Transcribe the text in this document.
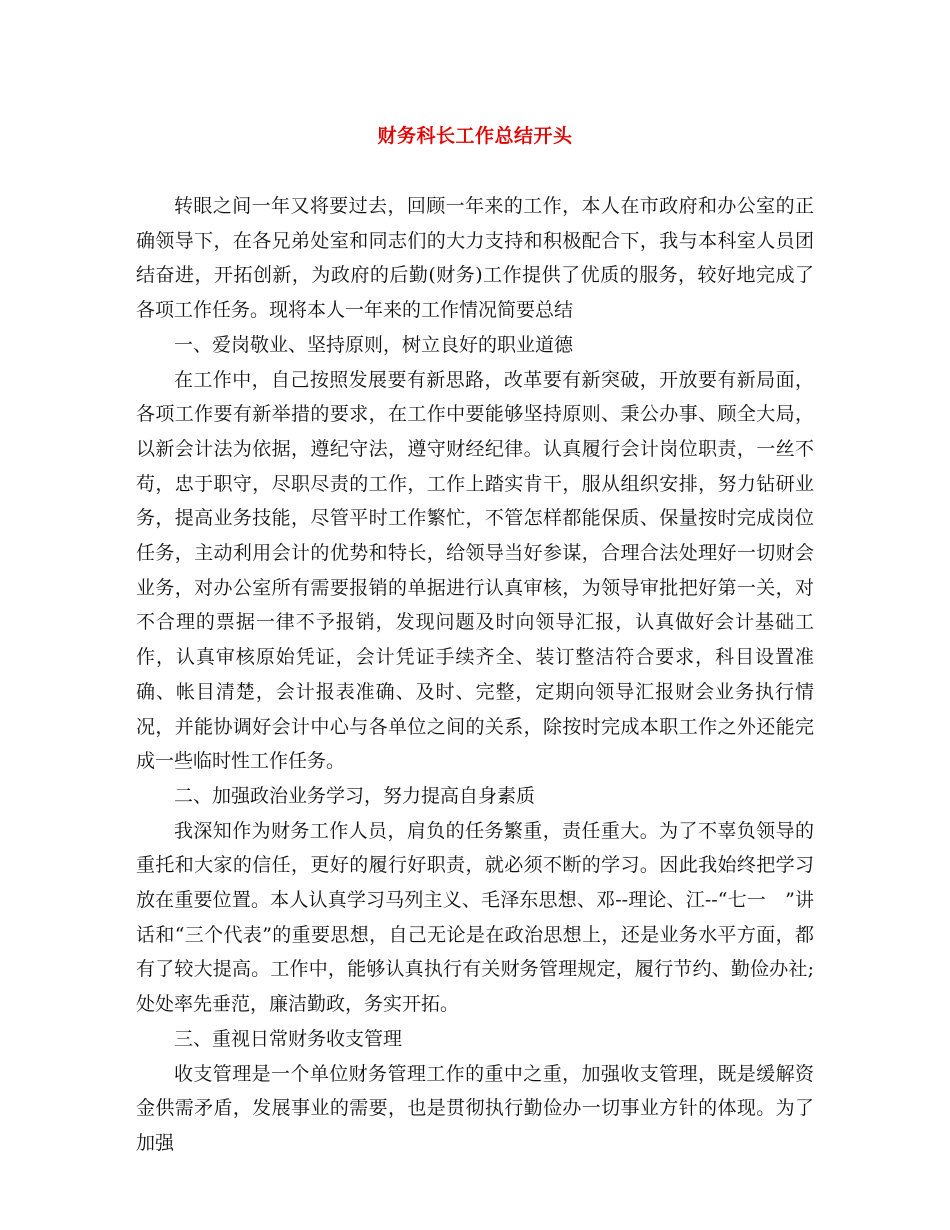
财务科长工作总结开头

转眼之间一年又将要过去，回顾一年来的工作，本人在市政府和办公室的正确领导下，在各兄弟处室和同志们的大力支持和积极配合下，我与本科室人员团结奋进，开拓创新，为政府的后勤(财务)工作提供了优质的服务，较好地完成了各项工作任务。现将本人一年来的工作情况简要总结

一、爱岗敬业、坚持原则，树立良好的职业道德

在工作中，自己按照发展要有新思路，改革要有新突破，开放要有新局面，各项工作要有新举措的要求，在工作中要能够坚持原则、秉公办事、顾全大局，以新会计法为依据，遵纪守法，遵守财经纪律。认真履行会计岗位职责，一丝不苟，忠于职守，尽职尽责的工作，工作上踏实肯干，服从组织安排，努力钻研业务，提高业务技能，尽管平时工作繁忙，不管怎样都能保质、保量按时完成岗位任务，主动利用会计的优势和特长，给领导当好参谋，合理合法处理好一切财会业务，对办公室所有需要报销的单据进行认真审核，为领导审批把好第一关，对不合理的票据一律不予报销，发现问题及时向领导汇报，认真做好会计基础工作，认真审核原始凭证，会计凭证手续齐全、装订整洁符合要求，科目设置准确、帐目清楚，会计报表准确、及时、完整，定期向领导汇报财会业务执行情况，并能协调好会计中心与各单位之间的关系，除按时完成本职工作之外还能完成一些临时性工作任务。

二、加强政治业务学习，努力提高自身素质

我深知作为财务工作人员，肩负的任务繁重，责任重大。为了不辜负领导的重托和大家的信任，更好的履行好职责，就必须不断的学习。因此我始终把学习放在重要位置。本人认真学习马列主义、毛泽东思想、邓--理论、江--“七一　”讲话和“三个代表”的重要思想，自己无论是在政治思想上，还是业务水平方面，都有了较大提高。工作中，能够认真执行有关财务管理规定，履行节约、勤俭办社;处处率先垂范，廉洁勤政，务实开拓。

三、重视日常财务收支管理

收支管理是一个单位财务管理工作的重中之重，加强收支管理，既是缓解资金供需矛盾，发展事业的需要，也是贯彻执行勤俭办一切事业方针的体现。为了加强
